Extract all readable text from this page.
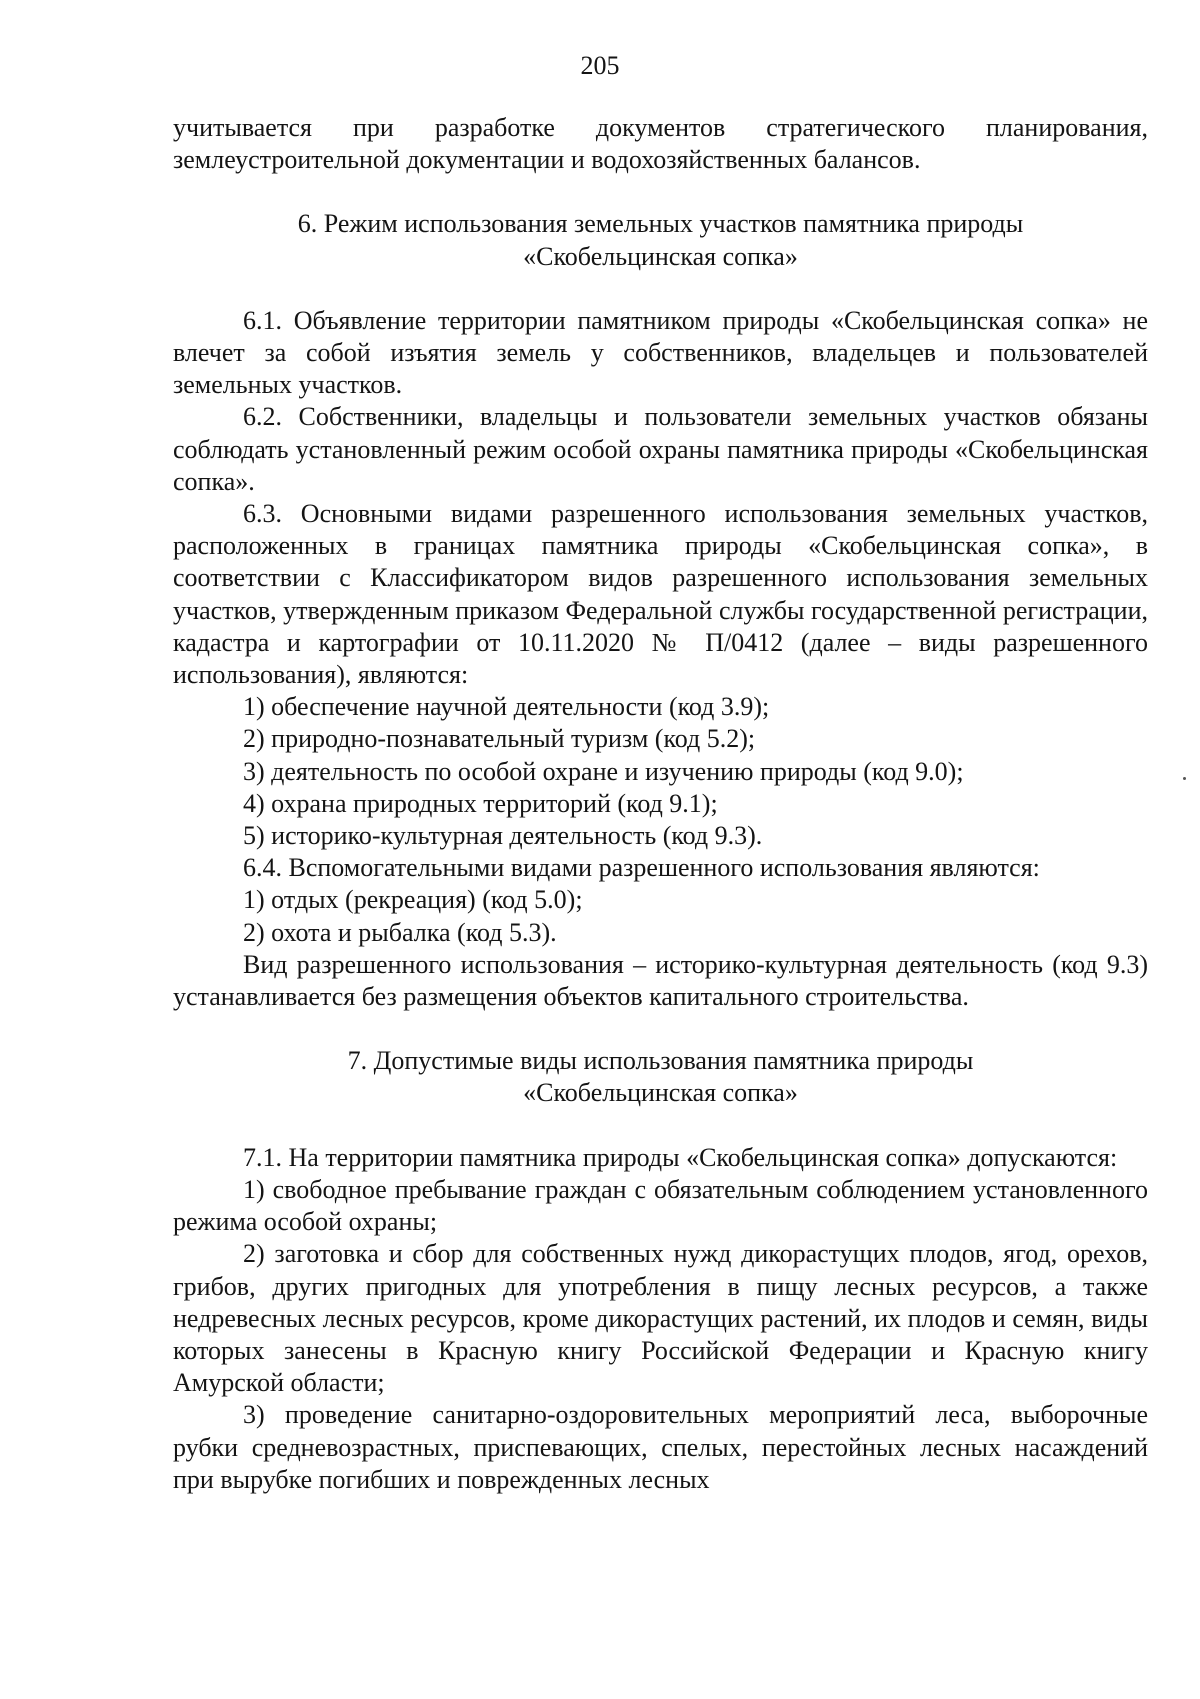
205

учитывается при разработке документов стратегического планирования, землеустроительной документации и водохозяйственных балансов.

6. Режим использования земельных участков памятника природы
«Скобельцинская сопка»

6.1. Объявление территории памятником природы «Скобельцинская сопка» не влечет за собой изъятия земель у собственников, владельцев и пользователей земельных участков.

6.2. Собственники, владельцы и пользователи земельных участков обязаны соблюдать установленный режим особой охраны памятника природы «Скобельцинская сопка».

6.3. Основными видами разрешенного использования земельных участков, расположенных в границах памятника природы «Скобельцинская сопка», в соответствии с Классификатором видов разрешенного использования земельных участков, утвержденным приказом Федеральной службы государственной регистрации, кадастра и картографии от 10.11.2020 № П/0412 (далее – виды разрешенного использования), являются:

1) обеспечение научной деятельности (код 3.9);

2) природно-познавательный туризм (код 5.2);

3) деятельность по особой охране и изучению природы (код 9.0);

4) охрана природных территорий (код 9.1);

5) историко-культурная деятельность (код 9.3).

6.4. Вспомогательными видами разрешенного использования являются:

1) отдых (рекреация) (код 5.0);

2) охота и рыбалка (код 5.3).

Вид разрешенного использования – историко-культурная деятельность (код 9.3) устанавливается без размещения объектов капитального строительства.

7. Допустимые виды использования памятника природы
«Скобельцинская сопка»

7.1. На территории памятника природы «Скобельцинская сопка» допускаются:

1) свободное пребывание граждан с обязательным соблюдением установленного режима особой охраны;

2) заготовка и сбор для собственных нужд дикорастущих плодов, ягод, орехов, грибов, других пригодных для употребления в пищу лесных ресурсов, а также недревесных лесных ресурсов, кроме дикорастущих растений, их плодов и семян, виды которых занесены в Красную книгу Российской Федерации и Красную книгу Амурской области;

3) проведение санитарно-оздоровительных мероприятий леса, выборочные рубки средневозрастных, приспевающих, спелых, перестойных лесных насаждений при вырубке погибших и поврежденных лесных
